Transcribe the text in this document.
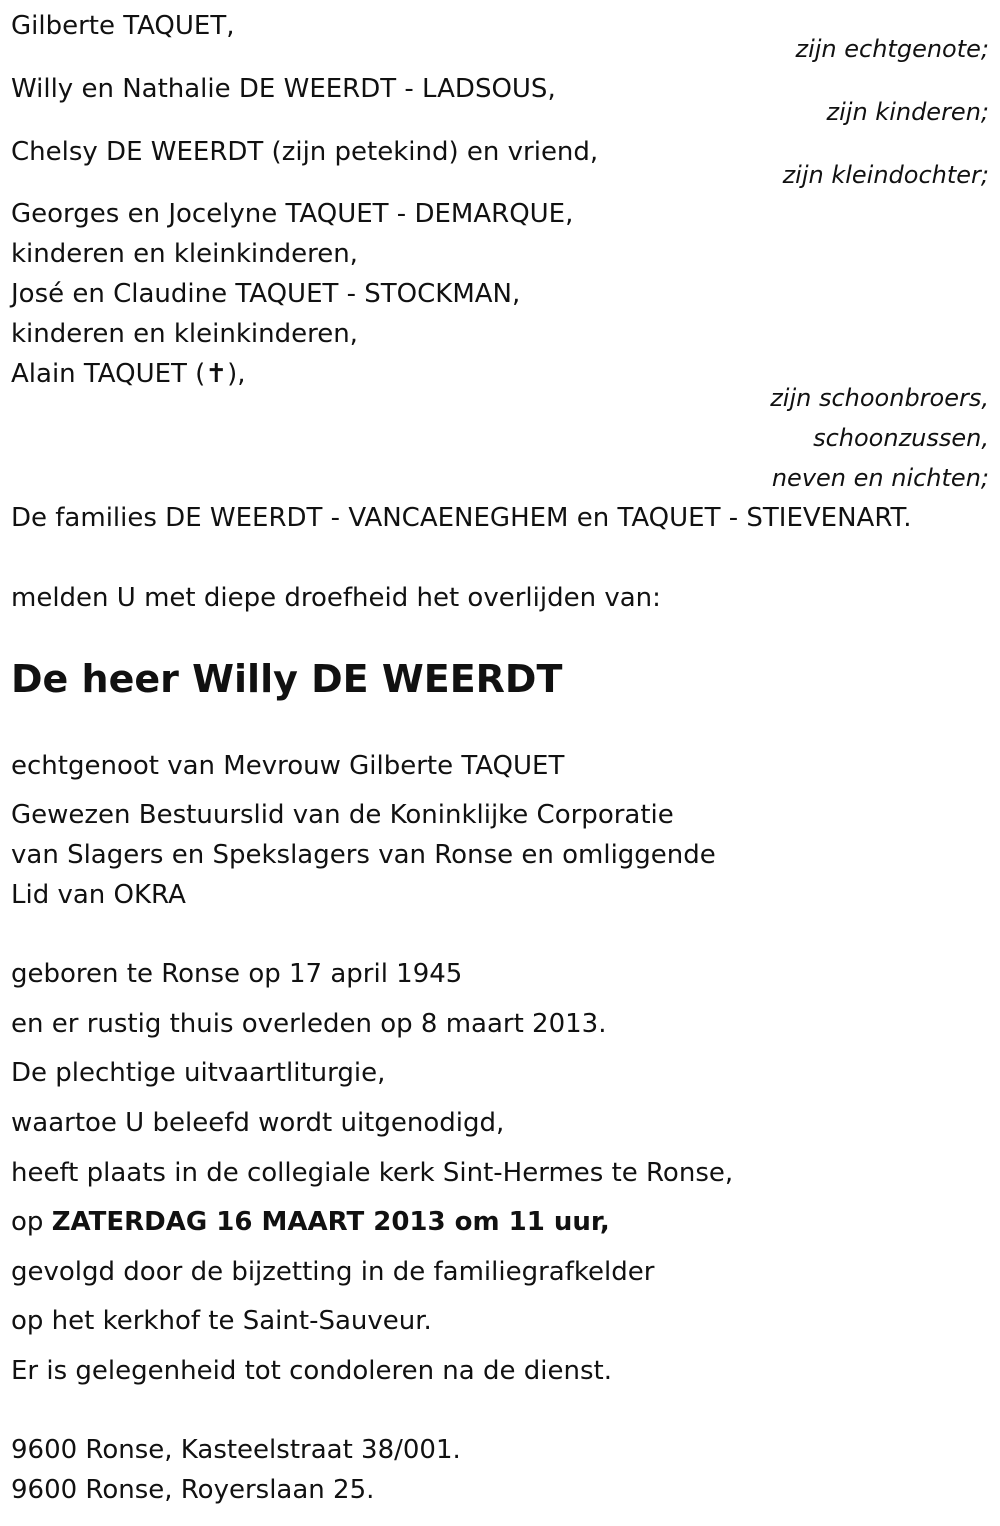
Gilberte TAQUET,

zijn echtgenote;

Willy en Nathalie DE WEERDT - LADSOUS,

zijn kinderen;

Chelsy DE WEERDT (zijn petekind) en vriend,

zijn kleindochter;

Georges en Jocelyne TAQUET - DEMARQUE,

kinderen en kleinkinderen,

José en Claudine TAQUET - STOCKMAN,

kinderen en kleinkinderen,

Alain TAQUET (✝),

zijn schoonbroers,

schoonzussen,

neven en nichten;

De families DE WEERDT - VANCAENEGHEM en TAQUET - STIEVENART.

melden U met diepe droefheid het overlijden van:

De heer Willy DE WEERDT

echtgenoot van Mevrouw Gilberte TAQUET

Gewezen Bestuurslid van de Koninklijke Corporatie

van Slagers en Spekslagers van Ronse en omliggende

Lid van OKRA

geboren te Ronse op 17 april 1945

en er rustig thuis overleden op 8 maart 2013.

De plechtige uitvaartliturgie,

waartoe U beleefd wordt uitgenodigd,

heeft plaats in de collegiale kerk Sint-Hermes te Ronse,

op ZATERDAG 16 MAART 2013 om 11 uur,

gevolgd door de bijzetting in de familiegrafkelder

op het kerkhof te Saint-Sauveur.

Er is gelegenheid tot condoleren na de dienst.

9600 Ronse, Kasteelstraat 38/001.

9600 Ronse, Royerslaan 25.
